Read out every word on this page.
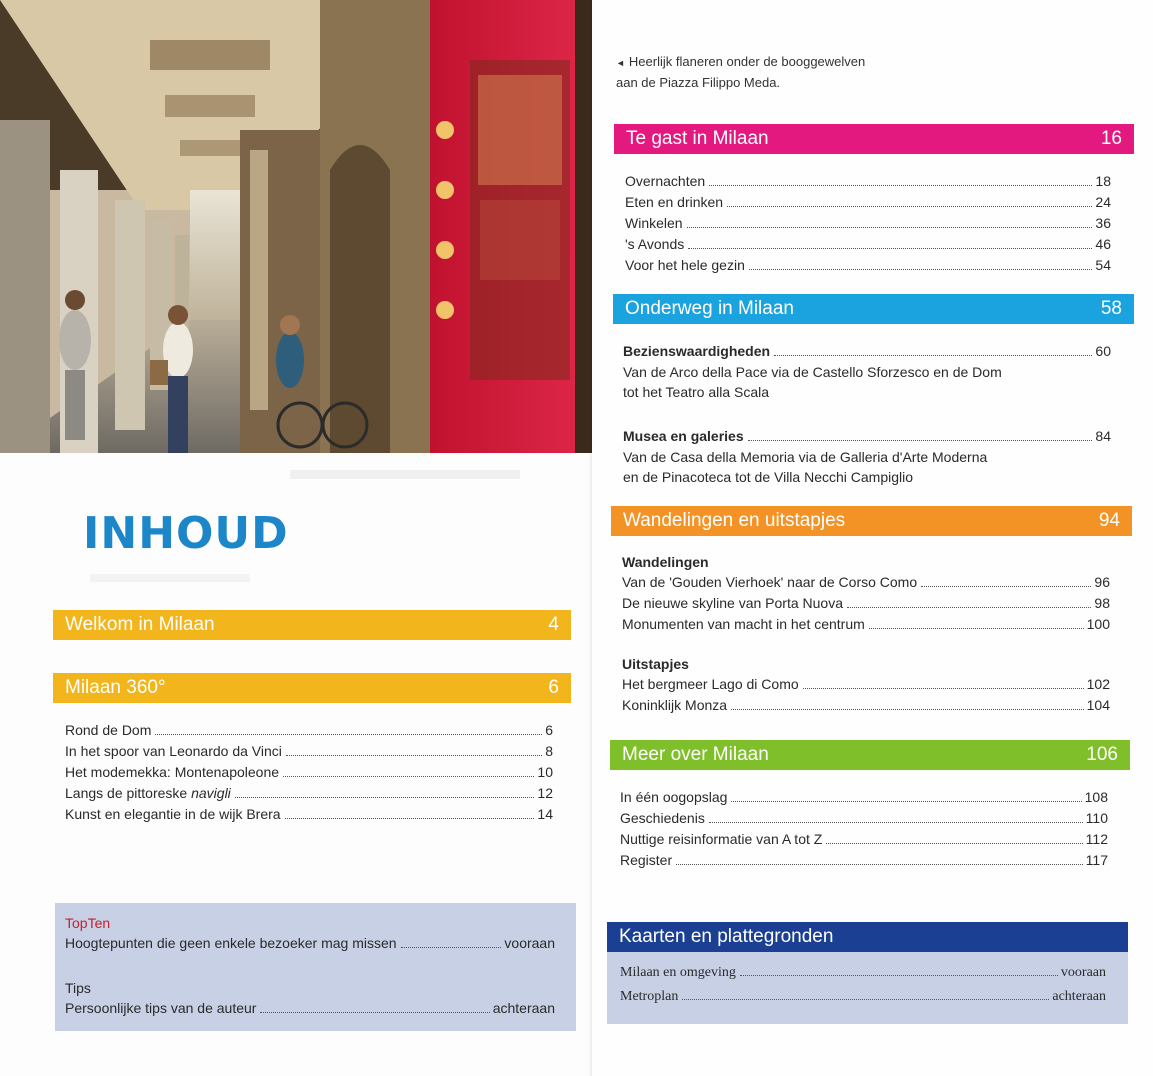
INHOUD
Welkom in Milaan	4
Milaan 360°	6
Rond de Dom	6
In het spoor van Leonardo da Vinci	8
Het modemekka: Montenapoleone	10
Langs de pittoreske navigli	12
Kunst en elegantie in de wijk Brera	14
TopTen
Hoogtepunten die geen enkele bezoeker mag missen	vooraan
Tips
Persoonlijke tips van de auteur	achteraan
◄ Heerlijk flaneren onder de booggewelven
aan de Piazza Filippo Meda.
Te gast in Milaan	16
Overnachten	18
Eten en drinken	24
Winkelen	36
's Avonds	46
Voor het hele gezin	54
Onderweg in Milaan	58
Bezienswaardigheden	60
Van de Arco della Pace via de Castello Sforzesco en de Dom
tot het Teatro alla Scala
Musea en galeries	84
Van de Casa della Memoria via de Galleria d'Arte Moderna
en de Pinacoteca tot de Villa Necchi Campiglio
Wandelingen en uitstapjes	94
Wandelingen
Van de 'Gouden Vierhoek' naar de Corso Como	96
De nieuwe skyline van Porta Nuova	98
Monumenten van macht in het centrum	100
Uitstapjes
Het bergmeer Lago di Como	102
Koninklijk Monza	104
Meer over Milaan	106
In één oogopslag	108
Geschiedenis	110
Nuttige reisinformatie van A tot Z	112
Register	117
Kaarten en plattegronden
Milaan en omgeving	vooraan
Metroplan	achteraan
